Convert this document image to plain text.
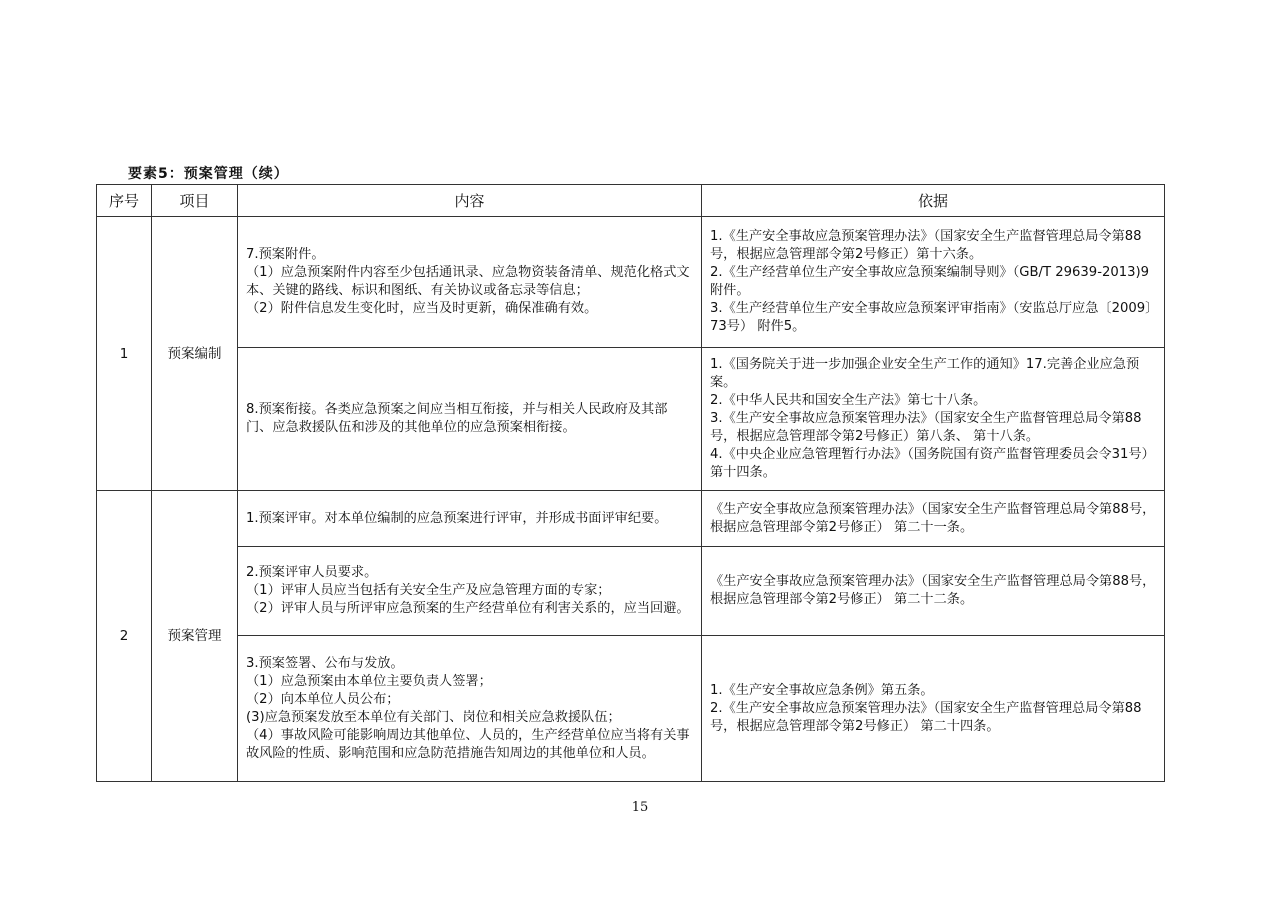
要素5：预案管理（续）
序号	项目	内容	依据
1	预案编制	7.预案附件。
（1）应急预案附件内容至少包括通讯录、应急物资装备清单、规范化格式文本、关键的路线、标识和图纸、有关协议或备忘录等信息；
（2）附件信息发生变化时，应当及时更新，确保准确有效。	1.《生产安全事故应急预案管理办法》（国家安全生产监督管理总局令第88号，根据应急管理部令第2号修正）第十六条。
2.《生产经营单位生产安全事故应急预案编制导则》（GB/T 29639-2013)9 附件。
3.《生产经营单位生产安全事故应急预案评审指南》（安监总厅应急〔2009〕73号） 附件5。

		8.预案衔接。各类应急预案之间应当相互衔接，并与相关人民政府及其部门、应急救援队伍和涉及的其他单位的应急预案相衔接。	1.《国务院关于进一步加强企业安全生产工作的通知》17.完善企业应急预案。
2.《中华人民共和国安全生产法》第七十八条。
3.《生产安全事故应急预案管理办法》（国家安全生产监督管理总局令第88号，根据应急管理部令第2号修正）第八条、 第十八条。
4.《中央企业应急管理暂行办法》（国务院国有资产监督管理委员会令31号）第十四条。

2	预案管理	1.预案评审。对本单位编制的应急预案进行评审，并形成书面评审纪要。	《生产安全事故应急预案管理办法》（国家安全生产监督管理总局令第88号，根据应急管理部令第2号修正） 第二十一条。

		2.预案评审人员要求。
（1）评审人员应当包括有关安全生产及应急管理方面的专家；
（2）评审人员与所评审应急预案的生产经营单位有利害关系的，应当回避。	《生产安全事故应急预案管理办法》（国家安全生产监督管理总局令第88号，根据应急管理部令第2号修正） 第二十二条。

		3.预案签署、公布与发放。
（1）应急预案由本单位主要负责人签署；
（2）向本单位人员公布；
(3)应急预案发放至本单位有关部门、岗位和相关应急救援队伍；
（4）事故风险可能影响周边其他单位、人员的，生产经营单位应当将有关事故风险的性质、影响范围和应急防范措施告知周边的其他单位和人员。	1.《生产安全事故应急条例》第五条。
2.《生产安全事故应急预案管理办法》（国家安全生产监督管理总局令第88号，根据应急管理部令第2号修正） 第二十四条。
15
